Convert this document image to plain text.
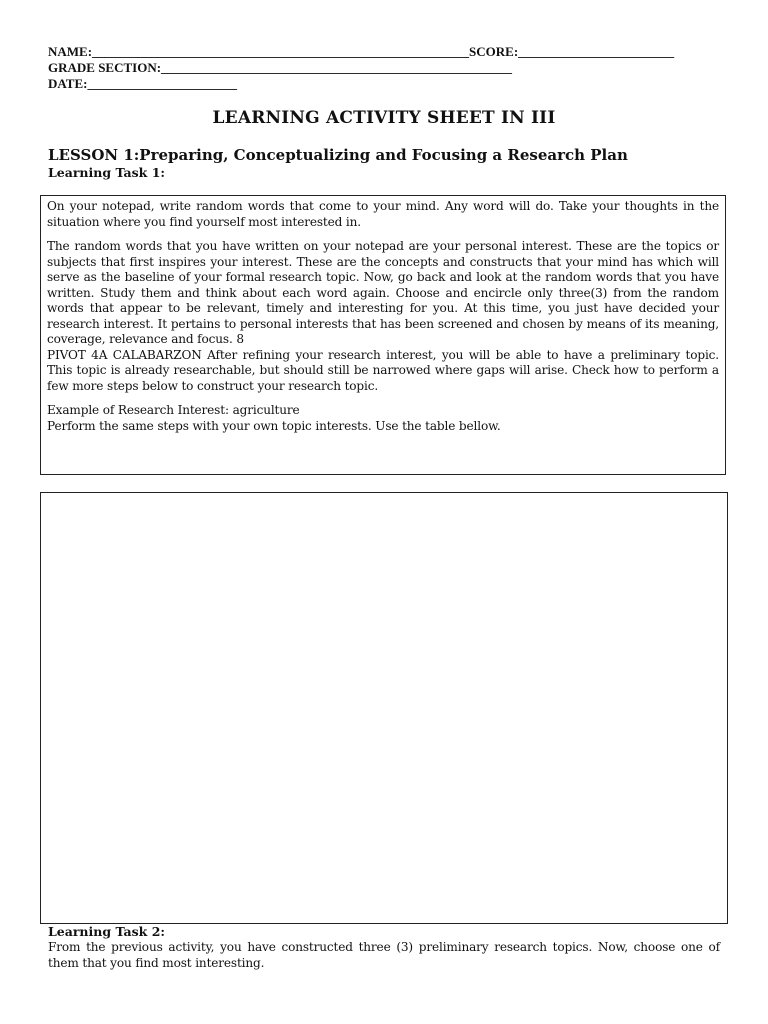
NAME:__________________________________________________________SCORE:________________________
GRADE SECTION:______________________________________________________
DATE:_______________________
LEARNING ACTIVITY SHEET IN III
LESSON 1:Preparing, Conceptualizing and Focusing a Research Plan
Learning Task 1:

On your notepad, write random words that come to your mind. Any word will do. Take your thoughts in the situation where you find yourself most interested in.

The random words that you have written on your notepad are your personal interest. These are the topics or subjects that first inspires your interest. These are the concepts and constructs that your mind has which will serve as the baseline of your formal research topic. Now, go back and look at the random words that you have written. Study them and think about each word again. Choose and encircle only three(3) from the random words that appear to be relevant, timely and interesting for you. At this time, you just have decided your research interest. It pertains to personal interests that has been screened and chosen by means of its meaning, coverage, relevance and focus. 8

PIVOT 4A CALABARZON After refining your research interest, you will be able to have a preliminary topic. This topic is already researchable, but should still be narrowed where gaps will arise. Check how to perform a few more steps below to construct your research topic.

Example of Research Interest: agriculture

Perform the same steps with your own topic interests. Use the table bellow.

Learning Task 2:

From the previous activity, you have constructed three (3) preliminary research topics. Now, choose one of them that you find most interesting.
